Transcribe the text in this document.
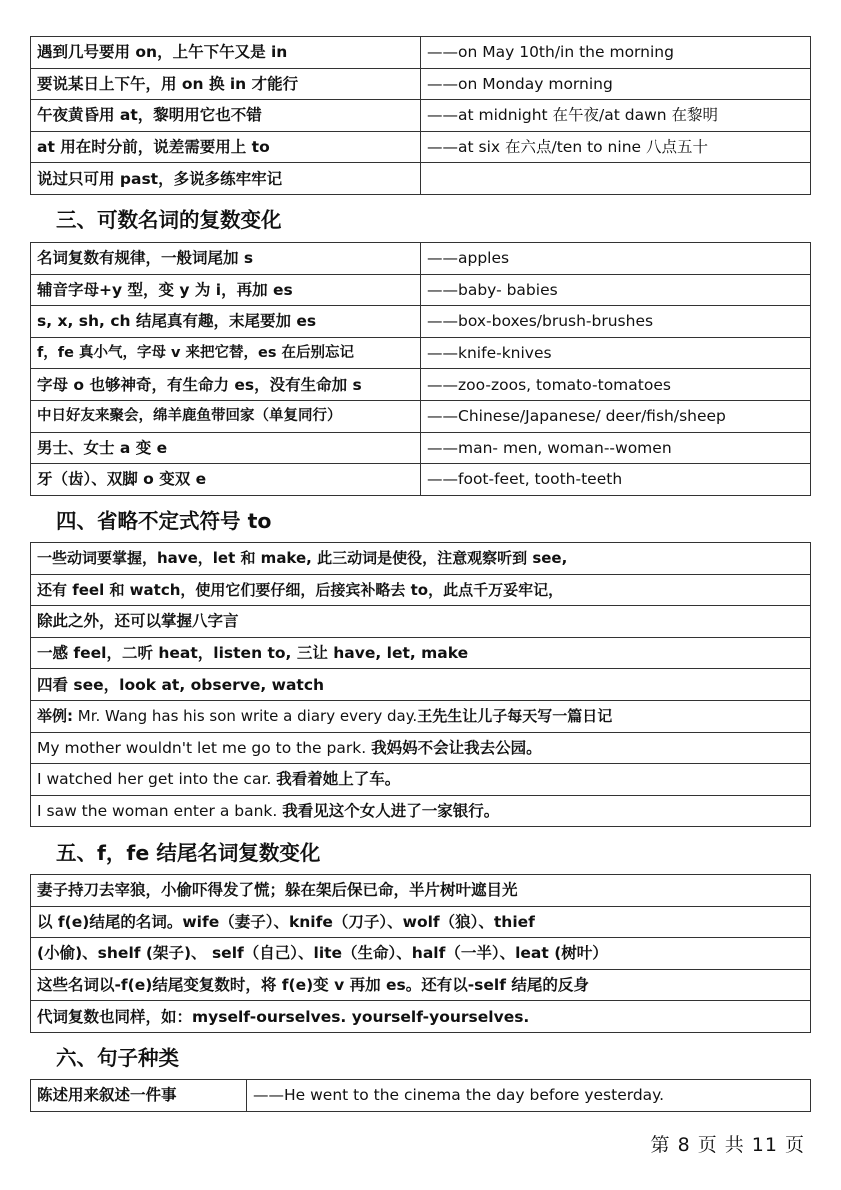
遇到几号要用 on，上午下午又是 in	——on May 10th/in the morning
要说某日上下午，用 on 换 in 才能行	——on Monday morning
午夜黄昏用 at，黎明用它也不错	——at midnight 在午夜/at dawn 在黎明
at 用在时分前，说差需要用上 to	——at six 在六点/ten to nine 八点五十
说过只可用 past，多说多练牢牢记	
三、可数名词的复数变化
名词复数有规律，一般词尾加 s	——apples
辅音字母+y 型，变 y 为 i，再加 es	——baby- babies
s, x, sh, ch 结尾真有趣，末尾要加 es	——box-boxes/brush-brushes
f，fe 真小气，字母 v 来把它替，es 在后别忘记	——knife-knives
字母 o 也够神奇，有生命力 es，没有生命加 s	——zoo-zoos, tomato-tomatoes
中日好友来聚会，绵羊鹿鱼带回家（单复同行）	——Chinese/Japanese/ deer/fish/sheep
男士、女士 a 变 e	——man- men, woman--women
牙（齿）、双脚 o 变双 e	——foot-feet, tooth-teeth
四、省略不定式符号 to
一些动词要掌握，have，let 和 make, 此三动词是使役，注意观察听到 see,
还有 feel 和 watch，使用它们要仔细，后接宾补略去 to，此点千万妥牢记，
除此之外，还可以掌握八字言
一感 feel，二听 heat，listen to, 三让 have, let, make
四看 see，look at, observe, watch
举例: Mr. Wang has his son write a diary every day.王先生让儿子每天写一篇日记
My mother wouldn't let me go to the park. 我妈妈不会让我去公园。
I watched her get into the car. 我看着她上了车。
I saw the woman enter a bank. 我看见这个女人进了一家银行。
五、f，fe 结尾名词复数变化
妻子持刀去宰狼，小偷吓得发了慌；躲在架后保已命，半片树叶遮目光
以 f(e)结尾的名词。wife（妻子）、knife（刀子）、wolf（狼）、thief
(小偷)、shelf (架子)、 self（自己）、lite（生命）、half（一半）、leat (树叶）
这些名词以-f(e)结尾变复数时，将 f(e)变 v 再加 es。还有以-self 结尾的反身
代词复数也同样，如：myself-ourselves. yourself-yourselves.
六、句子种类
陈述用来叙述一件事	——He went to the cinema the day before yesterday.
第 8 页 共 11 页
